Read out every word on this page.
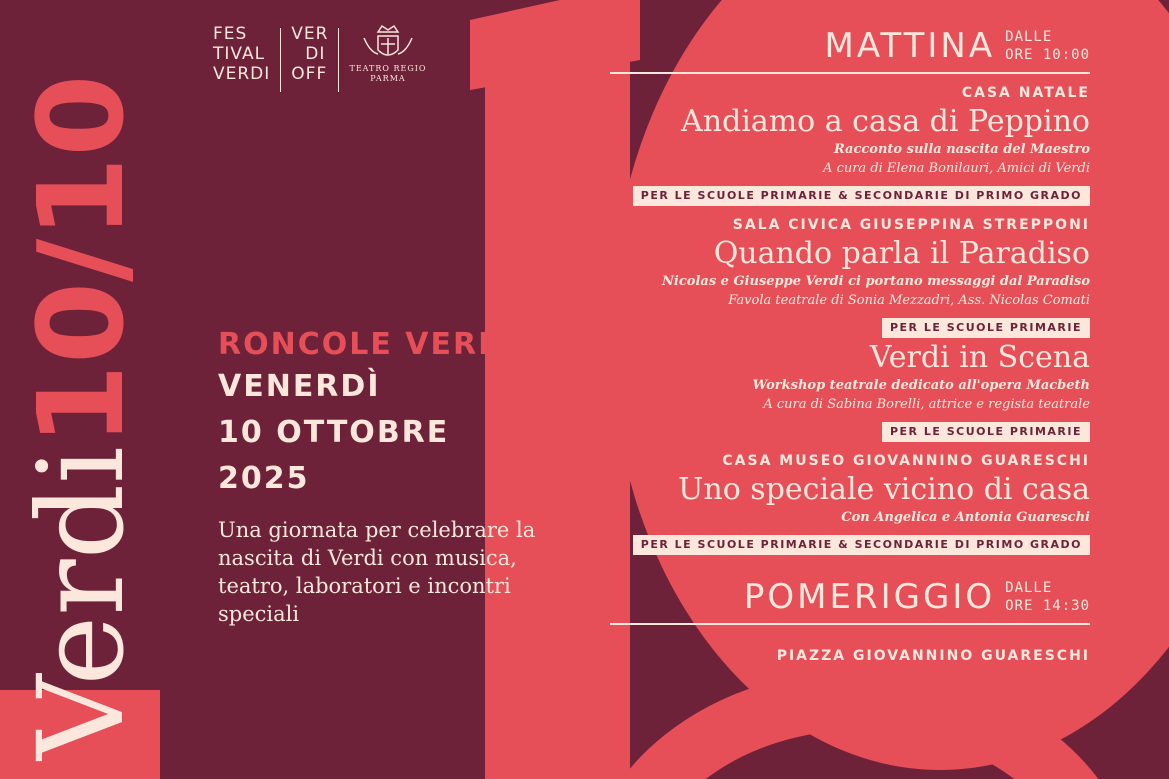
Verdi10/10
FES
TIVAL
VERDI
VER
DI
OFF	TEATRO REGIO
PARMA
RONCOLE VERDI
VENERDÌ
10 OTTOBRE
2025
Una giornata per celebrare la nascita di Verdi con musica, teatro, laboratori e incontri speciali
MATTINA DALLE
ORE 10:00
CASA NATALE
Andiamo a casa di Peppino
Racconto sulla nascita del Maestro
A cura di Elena Bonilauri, Amici di Verdi
PER LE SCUOLE PRIMARIE & SECONDARIE DI PRIMO GRADO
SALA CIVICA GIUSEPPINA STREPPONI
Quando parla il Paradiso
Nicolas e Giuseppe Verdi ci portano messaggi dal Paradiso
Favola teatrale di Sonia Mezzadri, Ass. Nicolas Comati
PER LE SCUOLE PRIMARIE
Verdi in Scena
Workshop teatrale dedicato all'opera Macbeth
A cura di Sabina Borelli, attrice e regista teatrale
PER LE SCUOLE PRIMARIE
CASA MUSEO GIOVANNINO GUARESCHI
Uno speciale vicino di casa
Con Angelica e Antonia Guareschi
PER LE SCUOLE PRIMARIE & SECONDARIE DI PRIMO GRADO
POMERIGGIO DALLE
ORE 14:30
PIAZZA GIOVANNINO GUARESCHI
